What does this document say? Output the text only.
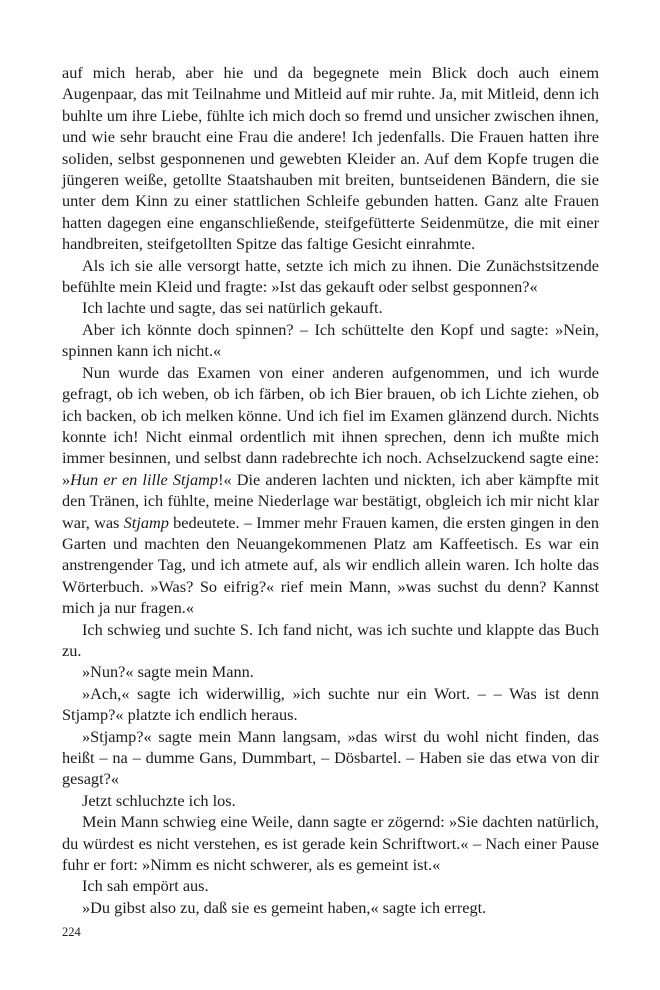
auf mich herab, aber hie und da begegnete mein Blick doch auch einem Augenpaar, das mit Teilnahme und Mitleid auf mir ruhte. Ja, mit Mitleid, denn ich buhlte um ihre Liebe, fühlte ich mich doch so fremd und unsicher zwischen ihnen, und wie sehr braucht eine Frau die andere! Ich jedenfalls. Die Frauen hatten ihre soliden, selbst gesponnenen und gewebten Kleider an. Auf dem Kopfe trugen die jüngeren weiße, getollte Staatshauben mit breiten, buntseidenen Bändern, die sie unter dem Kinn zu einer stattlichen Schleife gebunden hatten. Ganz alte Frauen hatten dagegen eine enganschließende, steifgefütterte Seidenmütze, die mit einer handbreiten, steifgetollten Spitze das faltige Gesicht einrahmte.

Als ich sie alle versorgt hatte, setzte ich mich zu ihnen. Die Zunächstsitzende befühlte mein Kleid und fragte: »Ist das gekauft oder selbst gesponnen?«

Ich lachte und sagte, das sei natürlich gekauft.

Aber ich könnte doch spinnen? – Ich schüttelte den Kopf und sagte: »Nein, spinnen kann ich nicht.«

Nun wurde das Examen von einer anderen aufgenommen, und ich wurde gefragt, ob ich weben, ob ich färben, ob ich Bier brauen, ob ich Lichte ziehen, ob ich backen, ob ich melken könne. Und ich fiel im Examen glänzend durch. Nichts konnte ich! Nicht einmal ordentlich mit ihnen sprechen, denn ich mußte mich immer besinnen, und selbst dann radebrechte ich noch. Achselzuckend sagte eine: »Hun er en lille Stjamp!« Die anderen lachten und nickten, ich aber kämpfte mit den Tränen, ich fühlte, meine Niederlage war bestätigt, obgleich ich mir nicht klar war, was Stjamp bedeutete. – Immer mehr Frauen kamen, die ersten gingen in den Garten und machten den Neuangekommenen Platz am Kaffeetisch. Es war ein anstrengender Tag, und ich atmete auf, als wir endlich allein waren. Ich holte das Wörterbuch. »Was? So eifrig?« rief mein Mann, »was suchst du denn? Kannst mich ja nur fragen.«

Ich schwieg und suchte S. Ich fand nicht, was ich suchte und klappte das Buch zu.

»Nun?« sagte mein Mann.

»Ach,« sagte ich widerwillig, »ich suchte nur ein Wort. – – Was ist denn Stjamp?« platzte ich endlich heraus.

»Stjamp?« sagte mein Mann langsam, »das wirst du wohl nicht finden, das heißt – na – dumme Gans, Dummbart, – Dösbartel. – Haben sie das etwa von dir gesagt?«

Jetzt schluchzte ich los.

Mein Mann schwieg eine Weile, dann sagte er zögernd: »Sie dachten natürlich, du würdest es nicht verstehen, es ist gerade kein Schriftwort.« – Nach einer Pause fuhr er fort: »Nimm es nicht schwerer, als es gemeint ist.«

Ich sah empört aus.

»Du gibst also zu, daß sie es gemeint haben,« sagte ich erregt.

224
